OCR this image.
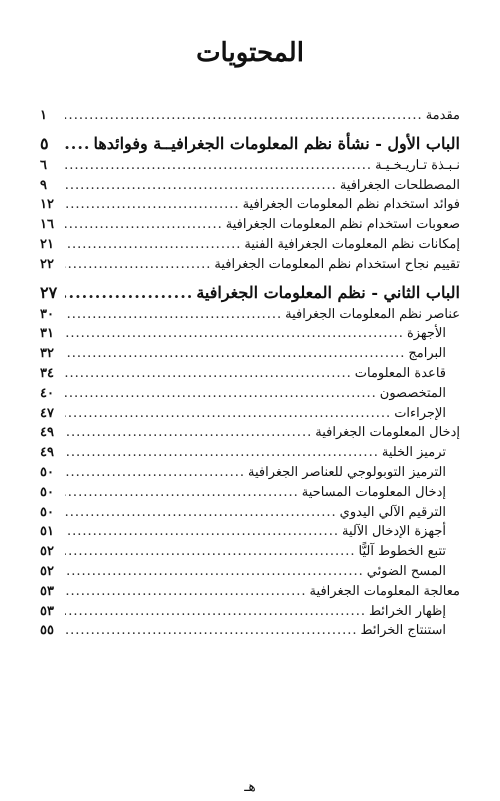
المحتويات
مقدمة
.....
١
الباب الأول - نشأة نظم المعلومات الجغرافيــة وفوائدها
.....
٥
نـبـذة تـاريـخـيـة
.....
٦
المصطلحات الجغرافية
.....
٩
فوائد استخدام نظم المعلومات الجغرافية
.....
١٢
صعوبات استخدام نظم المعلومات الجغرافية
.....
١٦
إمكانات نظم المعلومات الجغرافية الفنية
.....
٢١
تقييم نجاح استخدام نظم المعلومات الجغرافية
.....
٢٢
الباب الثاني - نظم المعلومات الجغرافية
.....
٢٧
عناصر نظم المعلومات الجغرافية
.....
٣٠
الأجهزة
.....
٣١
البرامج
.....
٣٢
قاعدة المعلومات
.....
٣٤
المتخصصون
.....
٤٠
الإجراءات
.....
٤٧
إدخال المعلومات الجغرافية
.....
٤٩
ترميز الخلية
.....
٤٩
الترميز التوبولوجي للعناصر الجغرافية
.....
٥٠
إدخال المعلومات المساحية
.....
٥٠
الترقيم الآلي اليدوي
.....
٥٠
أجهزة الإدخال الآلية
.....
٥١
تتبع الخطوط آليًّا
.....
٥٢
المسح الضوئي
.....
٥٢
معالجة المعلومات الجغرافية
.....
٥٣
إظهار الخرائط
.....
٥٣
استنتاج الخرائط
.....
٥٥
هـ
